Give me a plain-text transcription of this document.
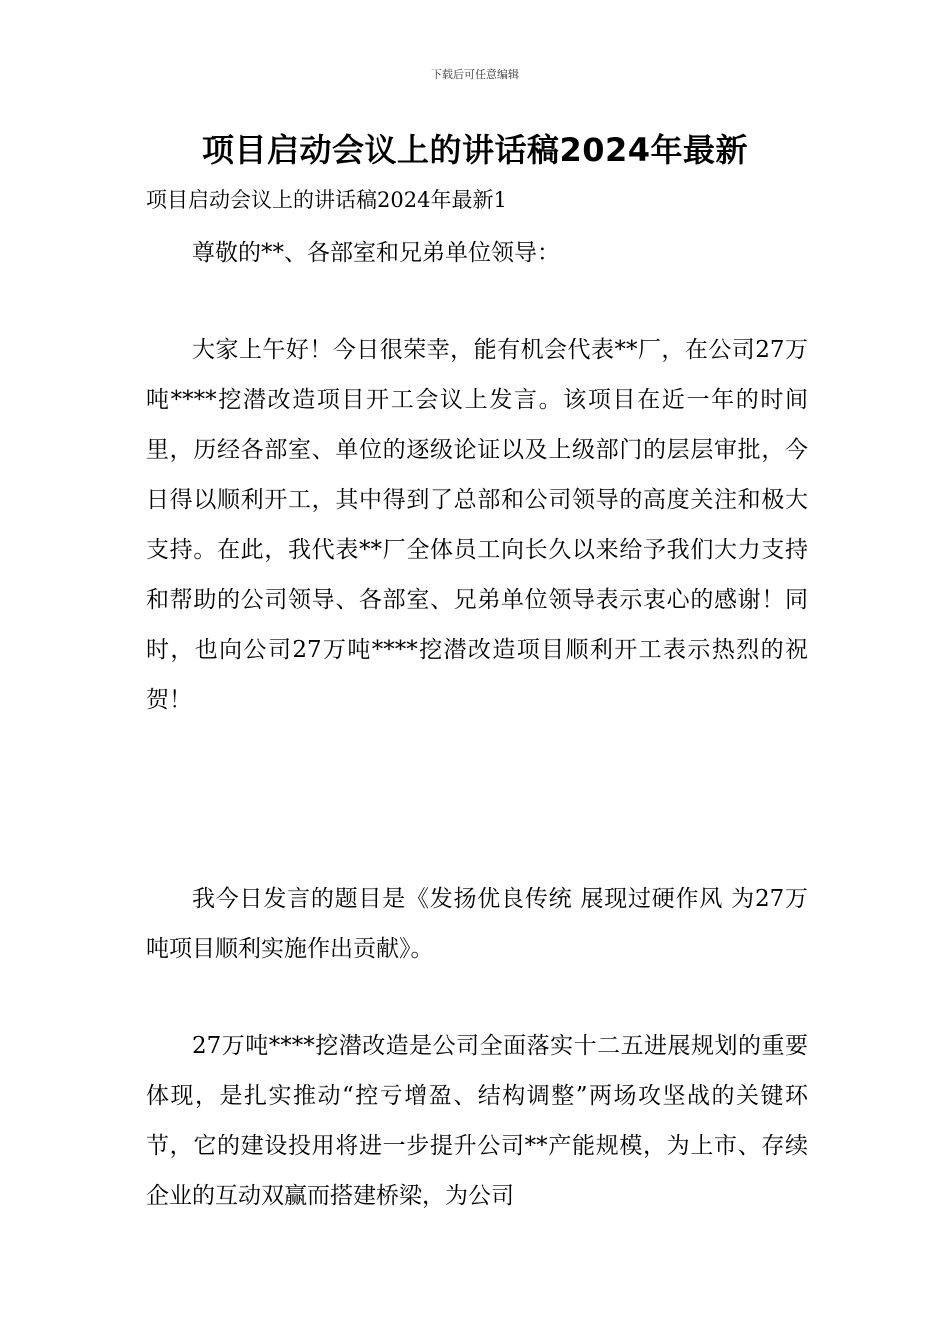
下载后可任意编辑
项目启动会议上的讲话稿2024年最新
项目启动会议上的讲话稿2024年最新1

尊敬的**、各部室和兄弟单位领导：

大家上午好！今日很荣幸，能有机会代表**厂，在公司27万吨****挖潜改造项目开工会议上发言。该项目在近一年的时间里，历经各部室、单位的逐级论证以及上级部门的层层审批，今日得以顺利开工，其中得到了总部和公司领导的高度关注和极大支持。在此，我代表**厂全体员工向长久以来给予我们大力支持和帮助的公司领导、各部室、兄弟单位领导表示衷心的感谢！同时，也向公司27万吨****挖潜改造项目顺利开工表示热烈的祝贺！

我今日发言的题目是《发扬优良传统 展现过硬作风 为27万吨项目顺利实施作出贡献》。

27万吨****挖潜改造是公司全面落实十二五进展规划的重要体现，是扎实推动“控亏增盈、结构调整”两场攻坚战的关键环节，它的建设投用将进一步提升公司**产能规模，为上市、存续企业的互动双赢而搭建桥梁，为公司
